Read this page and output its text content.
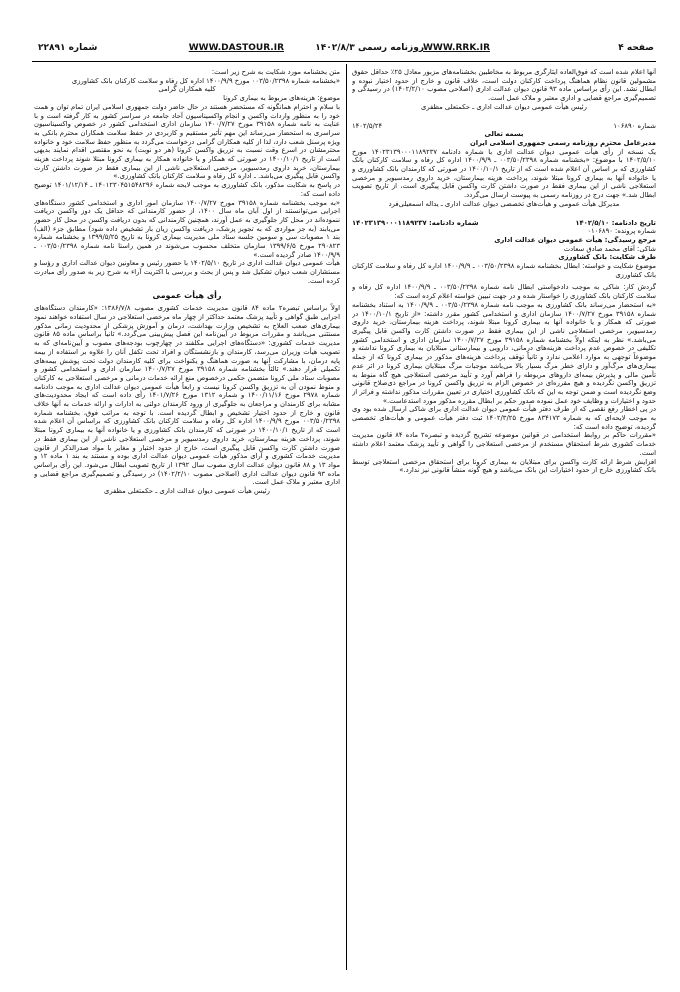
صفحه ۴
WWW.RRK.IR
روزنامه رسمی ۱۴۰۲/۸/۳
WWW.DASTOUR.IR
شماره ۲۲۸۹۱

آنها اعلام شده است که فوق‌العاده ایثارگری مربوط به مخاطبین بخشنامه‌های مزبور معادل ۲۵٪ حداقل حقوق مشمولین قانون نظام هماهنگ پرداخت کارکنان دولت است، خلاف قانون و خارج از حدود اختیار نبوده و ابطال نشد. این رأی براساس ماده ۹۳ قانون دیوان عدالت اداری (اصلاحی مصوب ۱۴۰۲/۲/۱۰) در رسیدگی و تصمیم‌گیری مراجع قضایی و اداری معتبر و ملاک عمل است.

رئیس هیأت عمومی دیوان عدالت اداری ـ حکمتعلی مظفری

شماره ۱۰۶۸۹۰
۱۴۰۲/۵/۲۴

بسمه تعالی

مدیرعامل محترم روزنامه رسمی جمهوری اسلامی ایران

یک نسخه از رأی هیأت عمومی دیوان عدالت اداری با شماره دادنامه ۱۴۰۲۳۱۳۹۰۰۰۱۱۸۹۲۳۷ مورخ ۱۴۰۲/۵/۱۰ با موضوع: «بخشنامه شماره ۰۰۳/۵۰/۲۳۹۸ ـ ۱۴۰۰/۹/۹ اداره کل رفاه و سلامت کارکنان بانک کشاورزی که بر اساس آن اعلام شده است که از تاریخ ۱۴۰۰/۱۰/۱ در صورتی که کارمندان بانک کشاورزی و یا خانواده آنها به بیماری کرونا مبتلا شوند، پرداخت هزینه بیمارستان، خرید داروی رمدسیویر و مرخصی استعلاجی ناشی از این بیماری فقط در صورت داشتن کارت واکسن قابل پیگیری است، از تاریخ تصویب ابطال شد.» جهت درج در روزنامه رسمی به پیوست ارسال می‌گردد.

مدیرکل هیأت عمومی و هیأت‌های تخصصی دیوان عدالت اداری ـ یداله اسمعیلی‌فرد

تاریخ دادنامه: ۱۴۰۲/۵/۱۰
شماره دادنامه: ۱۴۰۲۳۱۳۹۰۰۰۱۱۸۹۲۳۷

شماره پرونده: ۰۱۰۶۸۹۰

مرجع رسیدگی: هیأت عمومی دیوان عدالت اداری

شاکی: آقای محمد صادق سعادت

طرف شکایت: بانک کشاورزی

موضوع شکایت و خواسته: ابطال بخشنامه شماره ۰۰۳/۵۰/۲۳۹۸ ـ ۱۴۰۰/۹/۹ اداره کل رفاه و سلامت کارکنان بانک کشاورزی

گردش کار: شاکی به موجب دادخواستی ابطال نامه شماره ۰۰۳/۵۰/۲۳۹۸ ـ ۱۴۰۰/۹/۹ اداره کل رفاه و سلامت کارکنان بانک کشاورزی را خواستار شده و در جهت تبیین خواسته اعلام کرده است که:

«به استحضار می‌رساند بانک کشاورزی به موجب نامه شماره ۰۰۳/۵۰/۲۳۹۸ ـ ۱۴۰۰/۹/۹ به استناد بخشنامه شماره ۳۹۱۵۸ مورخ ۱۴۰۰/۷/۲۷ سازمان اداری و استخدامی کشور مقرر داشته: «از تاریخ ۱۴۰۰/۱۰/۱ در صورتی که همکار و یا خانواده آنها به بیماری کرونا مبتلا شوند، پرداخت هزینه بیمارستان، خرید داروی رمدسیویر، مرخصی استعلاجی ناشی از این بیماری فقط در صورت داشتن کارت واکسن قابل پیگیری می‌باشد.» نظر به اینکه اولاً بخشنامه شماره ۳۹۱۵۸ مورخ ۱۴۰۰/۷/۲۷ سازمان اداری و استخدامی کشور تکلیفی در خصوص عدم پرداخت هزینه‌های درمانی، دارویی و بیمارستانی مبتلایان به بیماری کرونا نداشته و موضوعاً توجهی به موارد اعلامی ندارد و ثانیاً توقف پرداخت هزینه‌های مذکور در بیماری کرونا که از جمله بیماری‌های مرگ‌آور و دارای خطر مرگ بسیار بالا می‌باشد موجبات مرگ مبتلایان بیماری کرونا در اثر عدم تأمین مالی و پذیرش بیمه‌ای داروهای مربوطه را فراهم آورد و تأیید مرخصی استعلاجی هیچ گاه منوط به تزریق واکسن نگردیده و هیچ مقرره‌ای در خصوص الزام به تزریق واکسن کرونا در مراجع ذی‌صلاح قانونی وضع نگردیده است و ضمن توجه به این که بانک کشاورزی اختیاری در تعیین مقررات مذکور نداشته و فراتر از حدود و اختیارات و وظایف خود عمل نموده صدور حکم بر ابطال مقرره مذکور مورد استدعاست.»

در پی اخطار رفع نقصی که از طرف دفتر هیأت عمومی دیوان عدالت اداری برای شاکی ارسال شده بود وی به موجب لایحه‌ای که به شماره ۸۳۴۱۷۳ مورخ ۱۴۰۲/۳/۲۵ ثبت دفتر هیأت عمومی و هیأت‌های تخصصی گردیده، توضیح داده است که:

«مقررات حاکم بر روابط استخدامی در قوانین موضوعه تشریح گردیده و تبصره۲ ماده ۸۴ قانون مدیریت خدمات کشوری شرط استحقاق مستخدم از مرخصی استعلاجی را گواهی و تأیید پزشک معتمد اعلام داشته است.

افزایش شرط ارائه کارت واکسن برای مبتلایان به بیماری کرونا برای استحقاق مرخصی استعلاجی توسط بانک کشاورزی خارج از حدود اختیارات این بانک می‌باشد و هیچ گونه منشأ قانونی نیز ندارد.»

متن بخشنامه مورد شکایت به شرح زیر است:

«بخشنامه شماره ۰۰۳/۵۰/۲۳۹۸ مورخ ۱۴۰۰/۹/۹ اداره کل رفاه و سلامت کارکنان بانک کشاورزی

کلیه همکاران گرامی

موضوع: هزینه‌های مربوط به بیماری کرونا

با سلام و احترام همانگونه که مستحضر هستند در حال حاضر دولت جمهوری اسلامی ایران تمام توان و همت خود را به منظور واردات واکسن و انجام واکسیناسیون آحاد جامعه در سراسر کشور به کار گرفته است و با عنایت به نامه شماره ۳۹۱۵۸ مورخ ۱۴۰۰/۷/۲۷ سازمان اداری استخدامی کشور در خصوص واکسیناسیون سراسری به استحضار می‌رساند این مهم تأثیر مستقیم و کاربردی در حفظ سلامت همکاران محترم بانکی به ویژه پرسنل شعب دارد، لذا از کلیه همکاران گرامی درخواست می‌گردد به منظور حفظ سلامت خود و خانواده محترمشان در اسرع وقت نسبت به تزریق واکسن کرونا (هر دو نوبت) به نحو مقتضی اقدام نمایند بدیهی است از تاریخ ۱۴۰۰/۱۰/۱ در صورتی که همکار و یا خانواده همکار به بیماری کرونا مبتلا شوند پرداخت هزینه بیمارستان، خرید داروی رمدسیویر، مرخصی استعلاجی ناشی از این بیماری فقط در صورت داشتن کارت واکسن قابل پیگیری می‌باشد. ـ اداره کل رفاه و سلامت کارکنان بانک کشاورزی.»

در پاسخ به شکایت مذکور، بانک کشاورزی به موجب لایحه شماره ۱۴۰۱۲۳۰۴۵۱۵۴۸۲۹۶ ـ ۱۴۰۱/۱۲/۱۴ توضیح داده است که:

«به موجب بخشنامه شماره ۳۹۱۵۸ مورخ ۱۴۰۰/۷/۲۷ سازمان امور اداری و استخدامی کشور دستگاه‌های اجرایی می‌توانستند از اول آبان ماه سال ۱۴۰۰، از حضور کارمندانی که حداقل یک دوز واکسن دریافت ننموده‌اند در محل کار جلوگیری به عمل آورند، همچنین کارمندانی که بدون دریافت واکسن در محل کار حضور می‌یابند (به جز مواردی که به تجویز پزشک، دریافت واکسن زیان بار تشخیص داده شود) مطابق جزء (الف) بند ۱ مصوبات سی و سومین جلسه ستاد ملی مدیریت بیماری کرونا به تاریخ ۱۳۹۹/۵/۲۵ و بخشنامه شماره ۲۹۰۸۲۳ مورخ ۱۳۹۹/۶/۵ سازمان متخلف محسوب می‌شوند در همین راستا نامه شماره ۰۰۳/۵۰/۲۳۹۸ ـ ۱۴۰۰/۹/۹ صادر گردیده است.»

هیأت عمومی دیوان عدالت اداری در تاریخ ۱۴۰۲/۵/۱۰ با حضور رئیس و معاونین دیوان عدالت اداری و رؤسا و مستشاران شعب دیوان تشکیل شد و پس از بحث و بررسی با اکثریت آراء به شرح زیر به صدور رأی مبادرت کرده است.

رأی هیأت عمومی

اولاً براساس تبصره۲ ماده ۸۴ قانون مدیریت خدمات کشوری مصوب ۱۳۸۶/۷/۸: «کارمندان دستگاه‌های اجرایی طبق گواهی و تأیید پزشک معتمد حداکثر از چهار ماه مرخصی استعلاجی در سال استفاده خواهند نمود بیماری‌های صعب العلاج به تشخیص وزارت بهداشت، درمان و آموزش پزشکی از محدودیت زمانی مذکور مستثنی می‌باشد و مقررات مربوط در آیین‌نامه این فصل پیش‌بینی می‌گردد.» ثانیاً براساس ماده ۸۵ قانون مدیریت خدمات کشوری: «دستگاه‌های اجرایی مکلفند در چهارچوب بودجه‌های مصوب و آیین‌نامه‌ای که به تصویب هیأت وزیران می‌رسد، کارمندان و بازنشستگان و افراد تحت تکفل آنان را علاوه بر استفاده از بیمه پایه درمان، با مشارکت آنها به صورت هماهنگ و یکنواخت برای کلیه کارمندان دولت تحت پوشش بیمه‌های تکمیلی قرار دهند.» ثالثاً بخشنامه شماره ۳۹۱۵۸ مورخ ۱۴۰۰/۷/۲۷ سازمان اداری و استخدامی کشور و مصوبات ستاد ملی کرونا متضمن حکمی درخصوص منع ارائه خدمات درمانی و مرخصی استعلاجی به کارکنان و منوط نمودن آن به تزریق واکسن کرونا نیست و رابعاً هیأت عمومی دیوان عدالت اداری به موجب دادنامه شماره ۲۹۷۸ مورخ ۱۴۰۰/۱۱/۱۶ و شماره ۱۳۱۲ مورخ ۱۴۰۱/۷/۲۶ رأی داده است که ایجاد محدودیت‌های مشابه برای کارمندان و مراجعان به جلوگیری از ورود کارمندان دولتی به ادارات و ارائه خدمات به آنها خلاف قانون و خارج از حدود اختیار تشخیص و ابطال گردیده است. با توجه به مراتب فوق، بخشنامه شماره ۰۰۳/۵۰/۲۳۹۸ مورخ ۱۴۰۰/۹/۹ اداره کل رفاه و سلامت کارکنان بانک کشاورزی که براساس آن اعلام شده است که از تاریخ ۱۴۰۰/۱۰/۱ در صورتی که کارمندان بانک کشاورزی و یا خانواده آنها به بیماری کرونا مبتلا شوند، پرداخت هزینه بیمارستان، خرید داروی رمدسیویر و مرخصی استعلاجی ناشی از این بیماری فقط در صورت داشتن کارت واکسن قابل پیگیری است، خارج از حدود اختیار و مغایر با مواد صدرالذکر از قانون مدیریت خدمات کشوری و آرای مذکور هیأت عمومی دیوان عدالت اداری بوده و مستند به بند ۱ ماده ۱۲ و مواد ۱۳ و ۸۸ قانون دیوان عدالت اداری مصوب سال ۱۳۹۲ از تاریخ تصویب ابطال می‌شود. این رأی براساس ماده ۹۳ قانون دیوان عدالت اداری (اصلاحی مصوب ۱۴۰۲/۲/۱۰) در رسیدگی و تصمیم‌گیری مراجع قضایی و اداری معتبر و ملاک عمل است.

رئیس هیأت عمومی دیوان عدالت اداری ـ حکمتعلی مظفری
